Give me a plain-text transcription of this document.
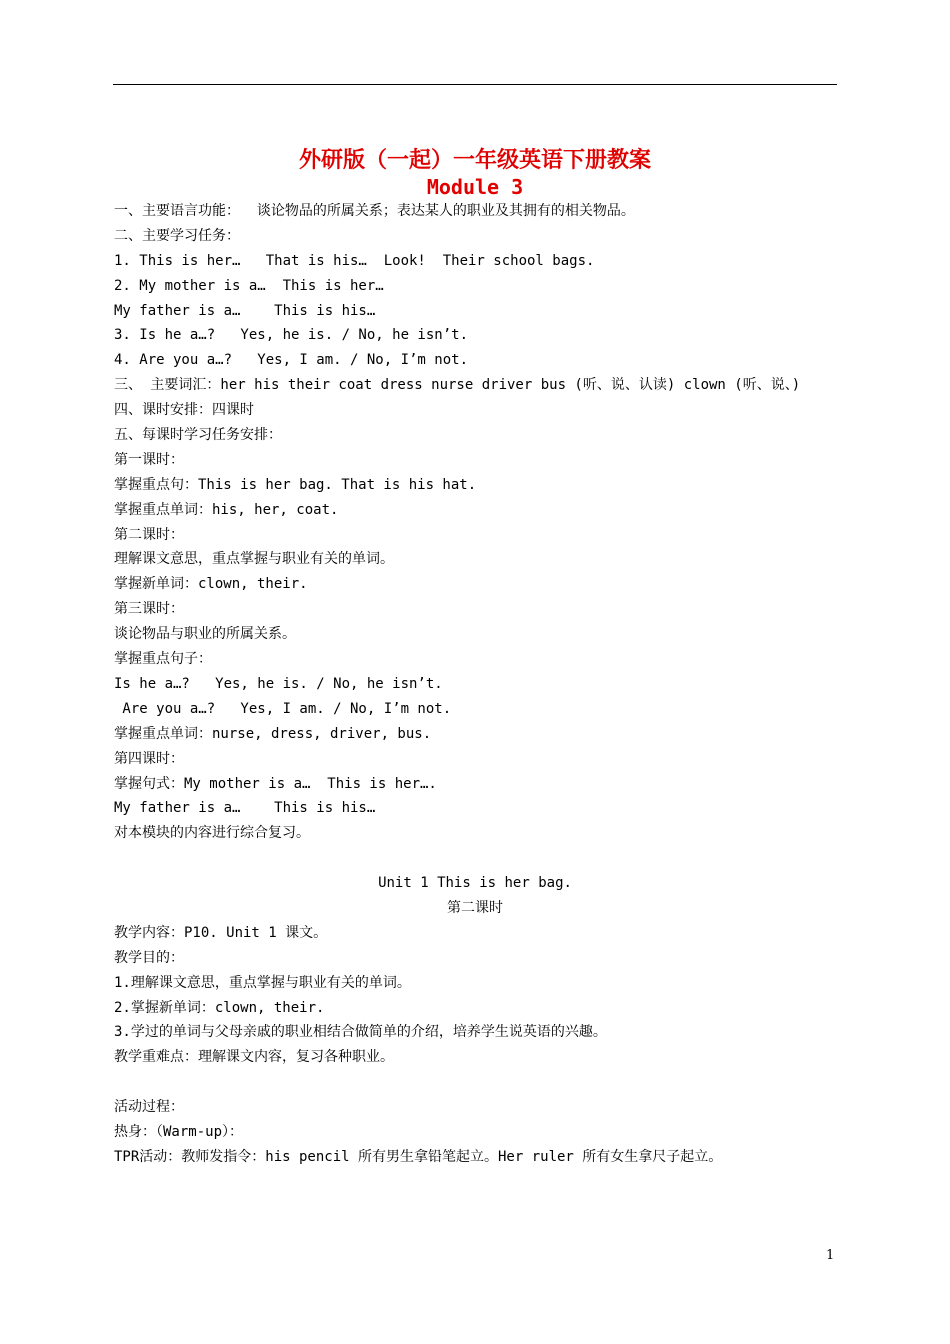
外研版（一起）一年级英语下册教案
Module 3
一、主要语言功能：  谈论物品的所属关系；表达某人的职业及其拥有的相关物品。
二、主要学习任务：
1. This is her…   That is his…  Look!  Their school bags.
2. My mother is a…  This is her…
My father is a…    This is his…
3. Is he a…?   Yes, he is. / No, he isn’t.
4. Are you a…?   Yes, I am. / No, I’m not.
三、 主要词汇：her his their coat dress nurse driver bus (听、说、认读) clown (听、说、)
四、课时安排：四课时
五、每课时学习任务安排：
第一课时：
掌握重点句：This is her bag. That is his hat.
掌握重点单词：his, her, coat.
第二课时：
理解课文意思，重点掌握与职业有关的单词。
掌握新单词：clown, their.
第三课时：
谈论物品与职业的所属关系。
掌握重点句子：
Is he a…?   Yes, he is. / No, he isn’t.
Are you a…?   Yes, I am. / No, I’m not.
掌握重点单词：nurse, dress, driver, bus.
第四课时：
掌握句式：My mother is a…  This is her….
My father is a…    This is his…
对本模块的内容进行综合复习。
Unit 1 This is her bag.
第二课时
教学内容：P10. Unit 1 课文。
教学目的：
1.理解课文意思，重点掌握与职业有关的单词。
2.掌握新单词：clown, their.
3.学过的单词与父母亲戚的职业相结合做简单的介绍，培养学生说英语的兴趣。
教学重难点：理解课文内容，复习各种职业。
活动过程：
热身：（Warm-up）：
TPR活动：教师发指令：his pencil 所有男生拿铅笔起立。Her ruler 所有女生拿尺子起立。
1
